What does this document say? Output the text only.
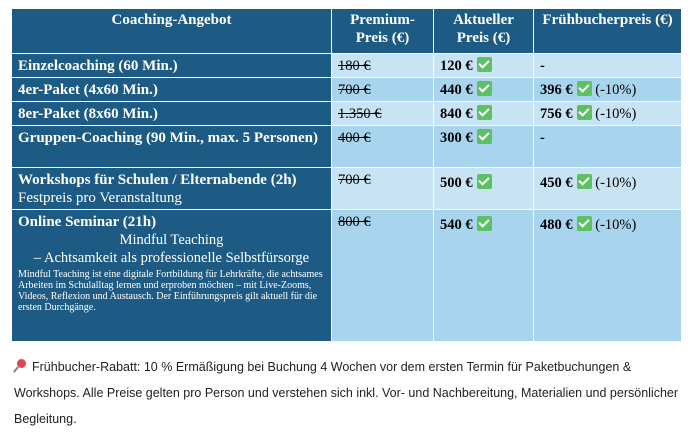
Coaching-Angebot	Premium-Preis (€)	Aktueller Preis (€)	Frühbucherpreis (€)
Einzelcoaching (60 Min.)	180 €	120 €	-
4er-Paket (4x60 Min.)	700 €	440 €	396 € (-10%)
8er-Paket (8x60 Min.)	1.350 €	840 €	756 € (-10%)
Gruppen-Coaching (90 Min., max. 5 Personen)	400 €	300 €	-
Workshops für Schulen / Elternabende (2h) Festpreis pro Veranstaltung	700 €	500 €	450 € (-10%)
Online Seminar (21h)
Mindful Teaching
– Achtsamkeit als professionelle Selbstfürsorge
Mindful Teaching ist eine digitale Fortbildung für Lehrkräfte, die achtsames Arbeiten im Schulalltag lernen und erproben möchten – mit Live-Zooms, Videos, Reflexion und Austausch. Der Einführungspreis gilt aktuell für die ersten Durchgänge.	800 €	540 €	480 € (-10%)
Frühbucher-Rabatt: 10 % Ermäßigung bei Buchung 4 Wochen vor dem ersten Termin für Paketbuchungen & Workshops. Alle Preise gelten pro Person und verstehen sich inkl. Vor- und Nachbereitung, Materialien und persönlicher Begleitung.
